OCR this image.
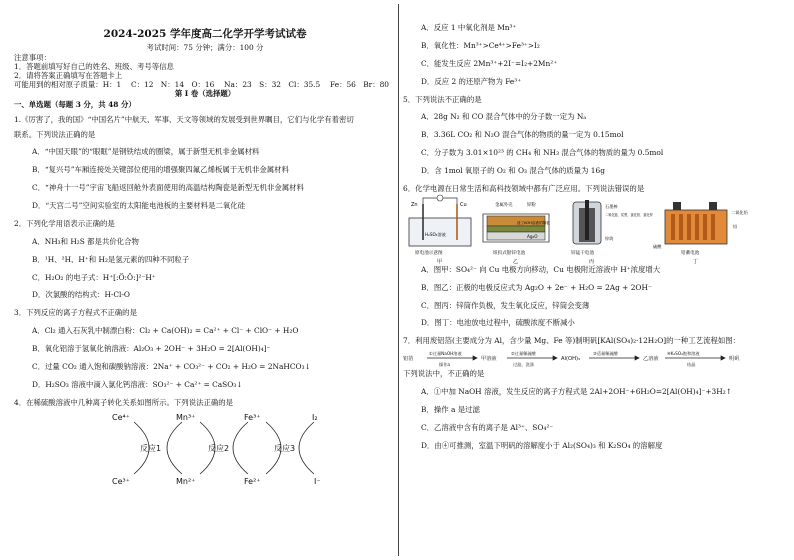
2024-2025 学年度高二化学开学考试试卷
考试时间：75 分钟；满分：100 分
注意事项：
1．答题前填写好自己的姓名、班级、考号等信息
2．请将答案正确填写在答题卡上
可能用到的相对原子质量：H：1　 C：12　N：14　O：16　 Na：23　S：32　Cl：35.5　 Fe：56　Br：80
第 I 卷（选择题）
一、单选题（每题 3 分，共 48 分）
1.《厉害了，我的国》“中国名片”中航天、军事、天文等领域的发展受到世界瞩目，它们与化学有着密切
联系。下列说法正确的是
A．“中国天眼”的“眼眶”是钢铁结成的圈梁，属于新型无机非金属材料
B．“复兴号”车厢连接处关键部位使用的增强聚四氟乙烯板属于无机非金属材料
C．“神舟十一号”宇宙飞船返回舱外表面使用的高温结构陶瓷是新型无机非金属材料
D．“天宫二号”空间实验室的太阳能电池板的主要材料是二氧化硅
2．下列化学用语表示正确的是
A．NH₃和 H₂S 都是共价化合物
B．¹H、²H、H⁺和 H₂是氢元素的四种不同粒子
C．H₂O₂ 的电子式：H⁺[:Ö:Ö:]²⁻H⁺
D．次氯酸的结构式：H-Cl-O
3．下列反应的离子方程式不正确的是
A．Cl₂ 通入石灰乳中制漂白粉：Cl₂ + Ca(OH)₂ = Ca²⁺ + Cl⁻ + ClO⁻ + H₂O
B．氧化铝溶于氢氧化钠溶液：Al₂O₃ + 2OH⁻ + 3H₂O = 2[Al(OH)₄]⁻
C．过量 CO₂ 通入饱和碳酸钠溶液：2Na⁺ + CO₃²⁻ + CO₂ + H₂O = 2NaHCO₃↓
D．H₂SO₃ 溶液中滴入氯化钙溶液：SO₃²⁻ + Ca²⁺ = CaSO₃↓
4．在稀硫酸溶液中几种离子转化关系如图所示。下列说法正确的是
Ce⁴⁺	Mn³⁺	Fe³⁺	I₂
Ce³⁺	Mn²⁺	Fe²⁺	I⁻
反应1	反应2	反应3
A．反应 1 中氧化剂是 Mn³⁺
B．氧化性：Mn³⁺>Ce⁴⁺>Fe³⁺>I₂
C．能发生反应 2Mn³⁺+2I⁻=I₂+2Mn²⁺
D．反应 2 的还原产物为 Fe³⁺
5．下列说法不正确的是
A．28g N₂ 和 CO 混合气体中的分子数一定为 Nₐ
B．3.36L CO₂ 和 N₂O 混合气体的物质的量一定为 0.15mol
C．分子数为 3.01×10²³ 的 CH₄ 和 NH₃ 混合气体的物质的量为 0.5mol
D．含 1mol 氧原子的 O₂ 和 O₃ 混合气体的质量为 16g
6．化学电源在日常生活和高科技领域中都有广泛应用。下列说法错误的是
Zn	Cu
H₂SO₄溶液
原电池示意图
甲
金属外壳	锌粉
浸了KOH溶液的隔板
Ag₂O
纽扣式银锌电池
乙
石墨棒
二氧化锰、炭黑、氯化铵、氯化锌
锌筒
锌锰干电池
丙
二氧化铅
铅
硫酸
铅蓄电池
丁
A．图甲：SO₄²⁻ 向 Cu 电极方向移动，Cu 电极附近溶液中 H⁺浓度增大
B．图乙：正极的电极反应式为 Ag₂O + 2e⁻ + H₂O = 2Ag + 2OH⁻
C．图丙：锌筒作负极，发生氧化反应，锌筒会变薄
D．图丁：电池放电过程中，硫酸浓度不断减小
7．利用废铝箔(主要成分为 Al，含少量 Mg、Fe 等)制明矾[KAl(SO₄)₂·12H₂O]的一种工艺流程如图：
铝箔
①过量NaOH溶液
操作a
甲溶液
②过量稀硫酸
过滤、洗涤
Al(OH)₃
③适量稀硫酸
乙溶液
④K₂SO₄饱和溶液
结晶
明矾
下列说法中，不正确的是
A．①中加 NaOH 溶液，发生反应的离子方程式是 2Al+2OH⁻+6H₂O=2[Al(OH)₄]⁻+3H₂↑
B．操作 a 是过滤
C．乙溶液中含有的离子是 Al³⁺、SO₄²⁻
D．由④可推测，室温下明矾的溶解度小于 Al₂(SO₄)₃ 和 K₂SO₄ 的溶解度
